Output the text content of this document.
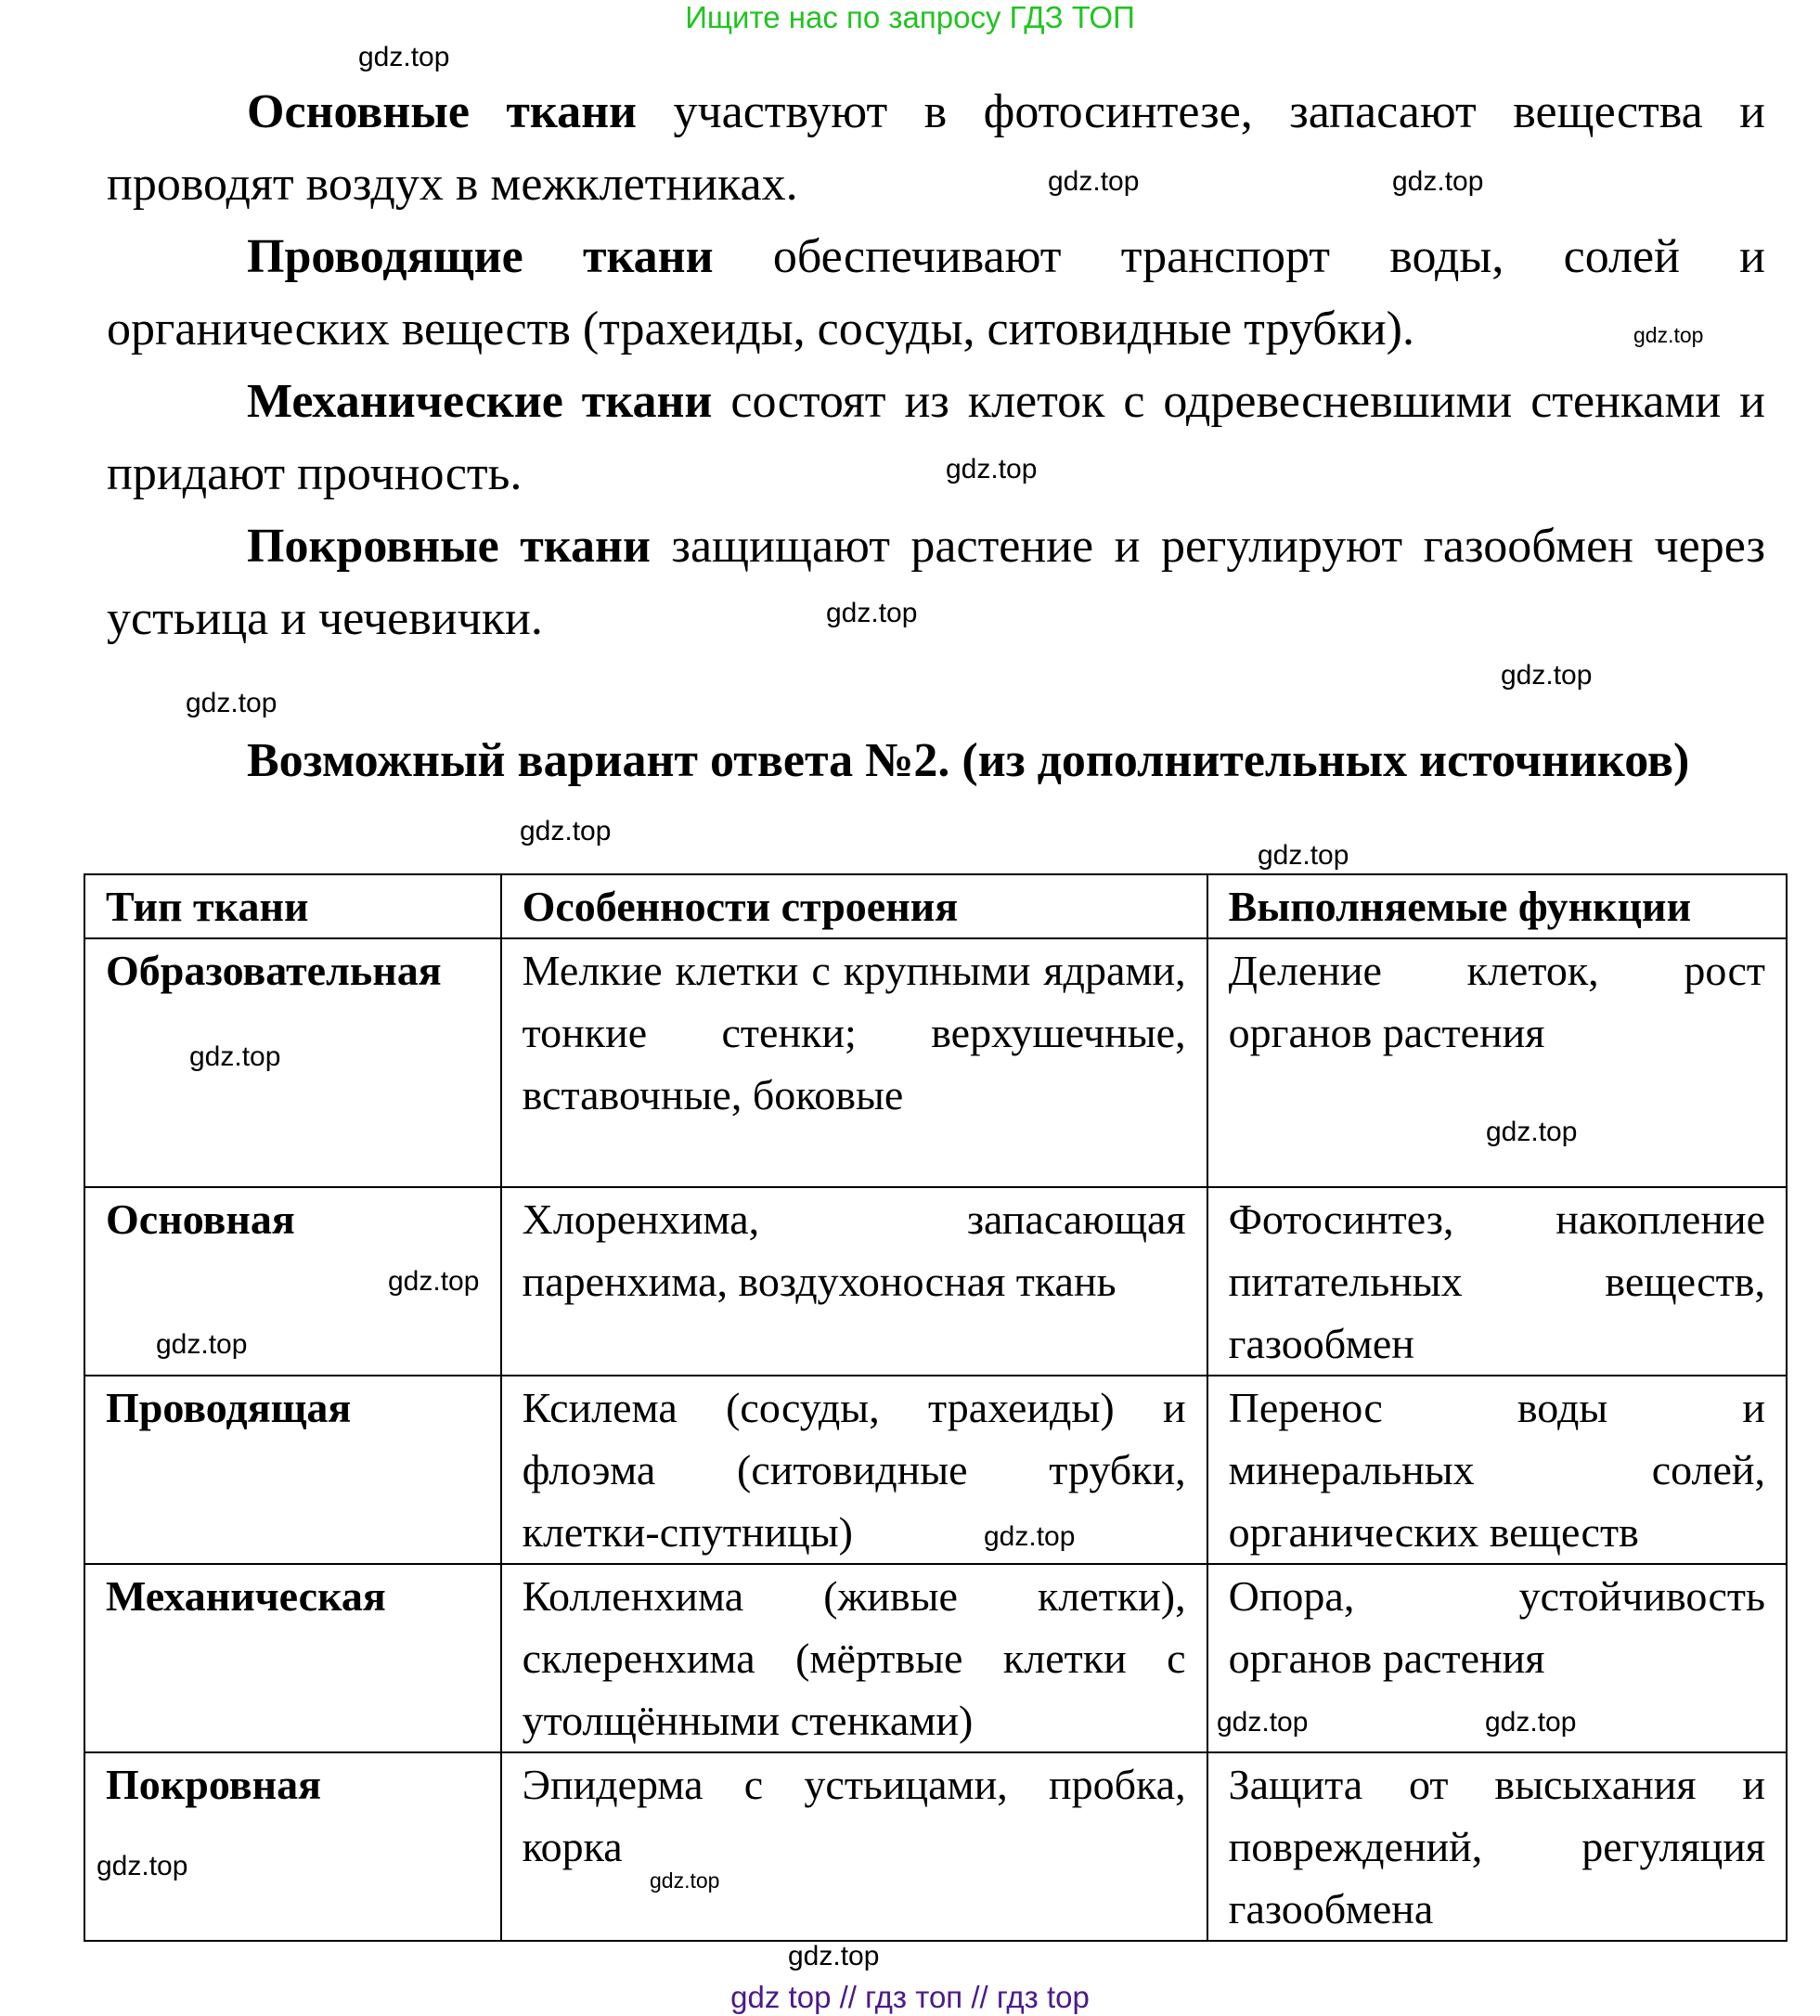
Ищите нас по запросу ГДЗ ТОП

Основные ткани участвуют в фотосинтезе, запасают вещества и проводят воздух в межклетниках.

Проводящие ткани обеспечивают транспорт воды, солей и органических веществ (трахеиды, сосуды, ситовидные трубки).

Механические ткани состоят из клеток с одревесневшими стенками и придают прочность.

Покровные ткани защищают растение и регулируют газообмен через устьица и чечевички.

Возможный вариант ответа №2. (из дополнительных источников)

Тип ткани	Особенности строения	Выполняемые функции
Образовательная	Мелкие клетки с крупными ядрами, тонкие стенки; верхушечные, вставочные, боковые	Деление клеток, рост органов растения
Основная	Хлоренхима, запасающая паренхима, воздухоносная ткань	Фотосинтез, накопление питательных веществ, газообмен
Проводящая	Ксилема (сосуды, трахеиды) и флоэма (ситовидные трубки, клетки-спутницы)	Перенос воды и минеральных солей, органических веществ
Механическая	Колленхима (живые клетки), склеренхима (мёртвые клетки с утолщёнными стенками)	Опора, устойчивость органов растения
Покровная	Эпидерма с устьицами, пробка, корка	Защита от высыхания и повреждений, регуляция газообмена
gdz.top
gdz.top	gdz.top
gdz.top
gdz.top
gdz.top
gdz.top
gdz.top
gdz.top
gdz.top
gdz.top
gdz.top
gdz.top
gdz.top
gdz.top
gdz.top
gdz.top
gdz.top
gdz.top
gdz.top
gdz top // гдз топ // гдз top
